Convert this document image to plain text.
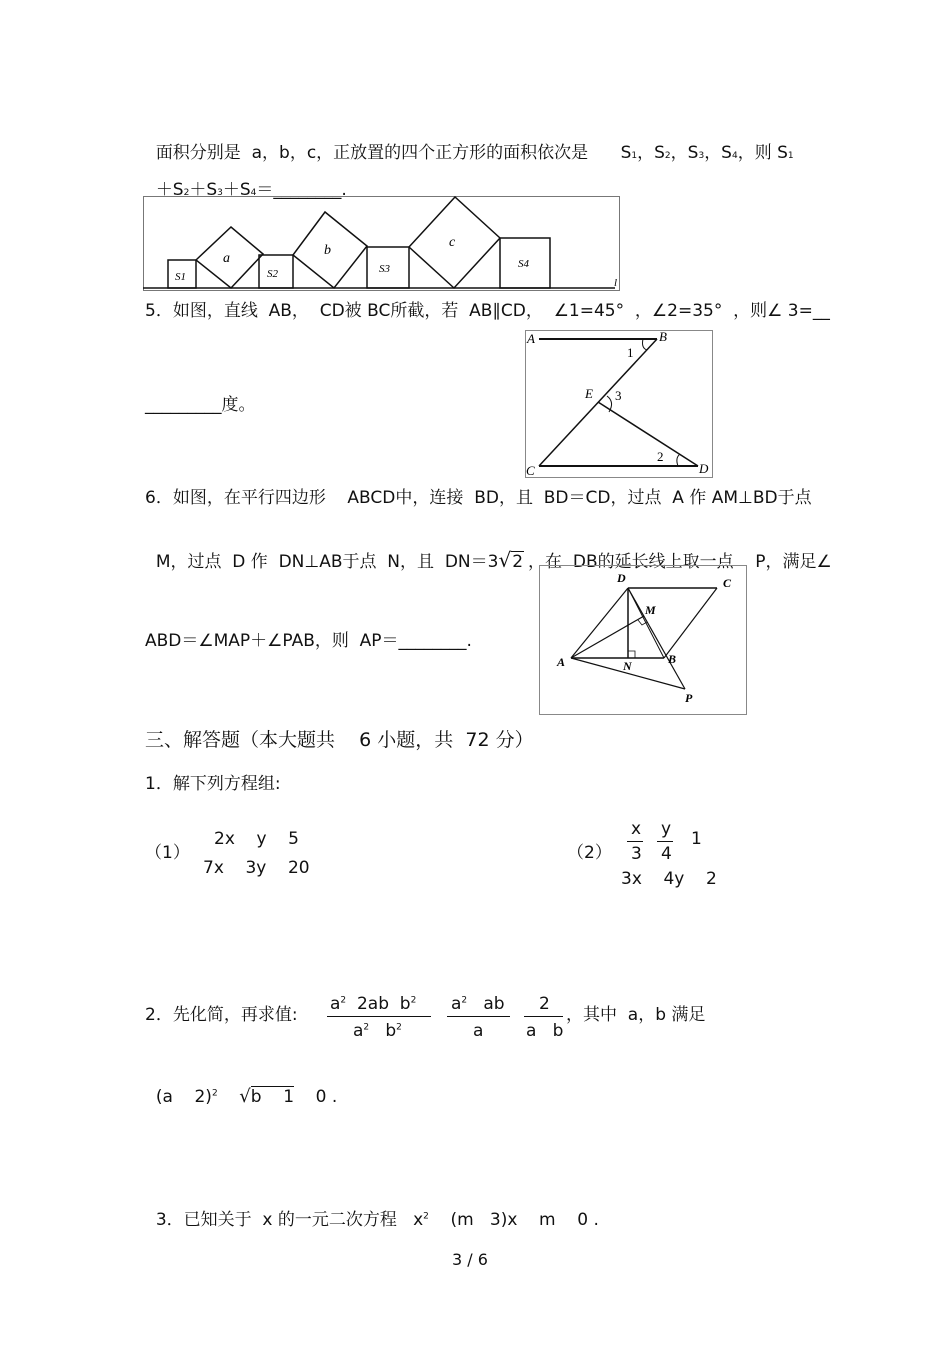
面积分别是  a，b，c，正放置的四个正方形的面积依次是      S1，S2，S3，S4，则 S1

＋S2＋S3＋S4＝________.

S1
a
S2
b
S3
c
S4
l
5．如图，直线  AB，  CD被 BC所截，若  AB∥CD，  ∠1=45°  ，∠2=35°  ，则∠ 3=__
_________度。
A	B
C	D
E
1
2
3
6．如图，在平行四边形    ABCD中，连接  BD，且  BD＝CD，过点  A 作 AM⊥BD于点

M，过点  D 作  DN⊥AB于点  N，且  DN＝3√2 ，在  DB的延长线上取一点    P，满足∠

ABD＝∠MAP＋∠PAB，则  AP＝________.
A	B
C
D
M
N
P
三、解答题（本大题共    6 小题，共  72 分）
1．解下列方程组:
（1）
2x    y    5
7x    3y    20
（2）
x
3
y
4
1
3x    4y    2
2．先化简，再求值:
$a^2$  2ab  $b^2$
$a^2$   $b^2$
$a^2$   ab
a
2
a   b
，其中  a，b 满足

(a    2)$^2$ √b    1 0 .

3．已知关于  x 的一元二次方程   $x^2$ (m   3)x    m    0 .

3 / 6
